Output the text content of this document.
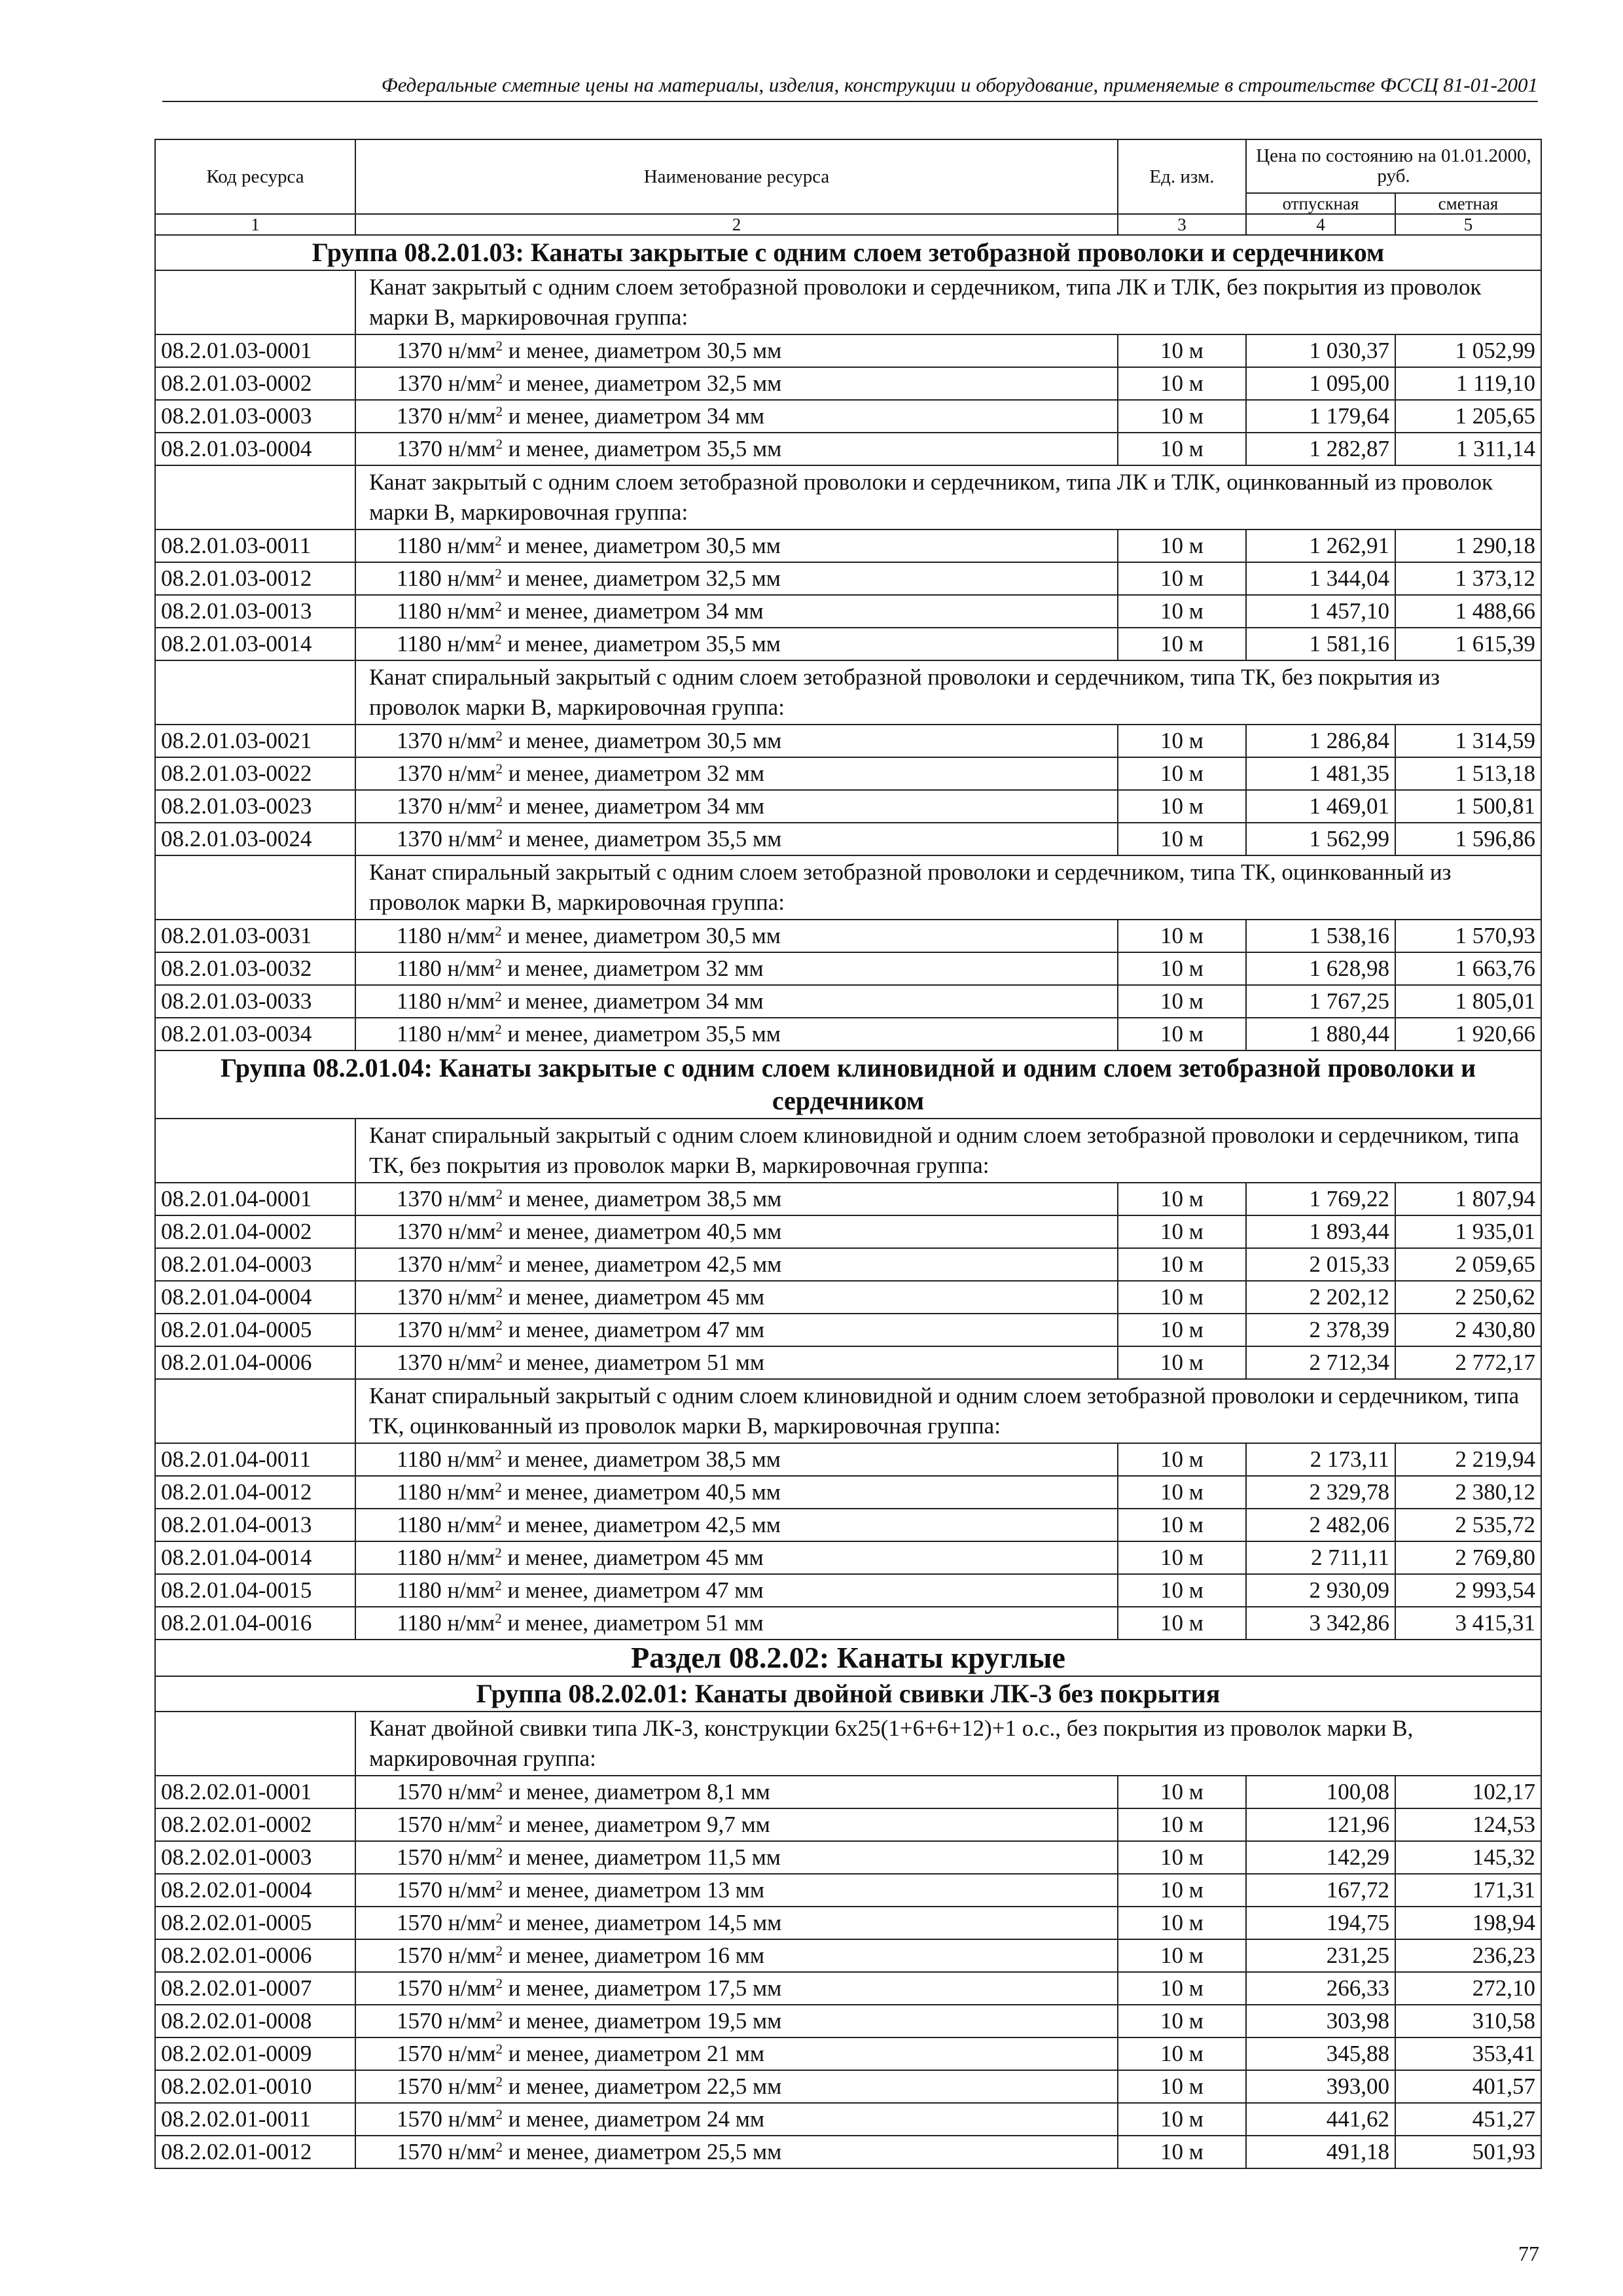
Федеральные сметные цены на материалы, изделия, конструкции и оборудование, применяемые в строительстве ФССЦ 81-01-2001
Код ресурса	Наименование ресурса	Ед. изм.	Цена по состоянию на 01.01.2000, руб.	
			отпускная	сметная
1	2	3	4	5
Группа 08.2.01.03: Канаты закрытые с одним слоем зетобразной проволоки и сердечником				
	Канат закрытый с одним слоем зетобразной проволоки и сердечником, типа ЛК и ТЛК, без покрытия из проволок марки В, маркировочная группа:			
08.2.01.03-0001	1370 $н/мм^2$ и менее, диаметром 30,5 мм	10 м	1 030,37	1 052,99
08.2.01.03-0002	1370 $н/мм^2$ и менее, диаметром 32,5 мм	10 м	1 095,00	1 119,10
08.2.01.03-0003	1370 $н/мм^2$ и менее, диаметром 34 мм	10 м	1 179,64	1 205,65
08.2.01.03-0004	1370 $н/мм^2$ и менее, диаметром 35,5 мм	10 м	1 282,87	1 311,14
	Канат закрытый с одним слоем зетобразной проволоки и сердечником, типа ЛК и ТЛК, оцинкованный из проволок марки В, маркировочная группа:			
08.2.01.03-0011	1180 $н/мм^2$ и менее, диаметром 30,5 мм	10 м	1 262,91	1 290,18
08.2.01.03-0012	1180 $н/мм^2$ и менее, диаметром 32,5 мм	10 м	1 344,04	1 373,12
08.2.01.03-0013	1180 $н/мм^2$ и менее, диаметром 34 мм	10 м	1 457,10	1 488,66
08.2.01.03-0014	1180 $н/мм^2$ и менее, диаметром 35,5 мм	10 м	1 581,16	1 615,39
	Канат спиральный закрытый с одним слоем зетобразной проволоки и сердечником, типа ТК, без покрытия из проволок марки В, маркировочная группа:			
08.2.01.03-0021	1370 $н/мм^2$ и менее, диаметром 30,5 мм	10 м	1 286,84	1 314,59
08.2.01.03-0022	1370 $н/мм^2$ и менее, диаметром 32 мм	10 м	1 481,35	1 513,18
08.2.01.03-0023	1370 $н/мм^2$ и менее, диаметром 34 мм	10 м	1 469,01	1 500,81
08.2.01.03-0024	1370 $н/мм^2$ и менее, диаметром 35,5 мм	10 м	1 562,99	1 596,86
	Канат спиральный закрытый с одним слоем зетобразной проволоки и сердечником, типа ТК, оцинкованный из проволок марки В, маркировочная группа:			
08.2.01.03-0031	1180 $н/мм^2$ и менее, диаметром 30,5 мм	10 м	1 538,16	1 570,93
08.2.01.03-0032	1180 $н/мм^2$ и менее, диаметром 32 мм	10 м	1 628,98	1 663,76
08.2.01.03-0033	1180 $н/мм^2$ и менее, диаметром 34 мм	10 м	1 767,25	1 805,01
08.2.01.03-0034	1180 $н/мм^2$ и менее, диаметром 35,5 мм	10 м	1 880,44	1 920,66
Группа 08.2.01.04: Канаты закрытые с одним слоем клиновидной и одним слоем зетобразной проволоки и сердечником				
	Канат спиральный закрытый с одним слоем клиновидной и одним слоем зетобразной проволоки и сердечником, типа ТК, без покрытия из проволок марки В, маркировочная группа:			
08.2.01.04-0001	1370 $н/мм^2$ и менее, диаметром 38,5 мм	10 м	1 769,22	1 807,94
08.2.01.04-0002	1370 $н/мм^2$ и менее, диаметром 40,5 мм	10 м	1 893,44	1 935,01
08.2.01.04-0003	1370 $н/мм^2$ и менее, диаметром 42,5 мм	10 м	2 015,33	2 059,65
08.2.01.04-0004	1370 $н/мм^2$ и менее, диаметром 45 мм	10 м	2 202,12	2 250,62
08.2.01.04-0005	1370 $н/мм^2$ и менее, диаметром 47 мм	10 м	2 378,39	2 430,80
08.2.01.04-0006	1370 $н/мм^2$ и менее, диаметром 51 мм	10 м	2 712,34	2 772,17
	Канат спиральный закрытый с одним слоем клиновидной и одним слоем зетобразной проволоки и сердечником, типа ТК, оцинкованный из проволок марки В, маркировочная группа:			
08.2.01.04-0011	1180 $н/мм^2$ и менее, диаметром 38,5 мм	10 м	2 173,11	2 219,94
08.2.01.04-0012	1180 $н/мм^2$ и менее, диаметром 40,5 мм	10 м	2 329,78	2 380,12
08.2.01.04-0013	1180 $н/мм^2$ и менее, диаметром 42,5 мм	10 м	2 482,06	2 535,72
08.2.01.04-0014	1180 $н/мм^2$ и менее, диаметром 45 мм	10 м	2 711,11	2 769,80
08.2.01.04-0015	1180 $н/мм^2$ и менее, диаметром 47 мм	10 м	2 930,09	2 993,54
08.2.01.04-0016	1180 $н/мм^2$ и менее, диаметром 51 мм	10 м	3 342,86	3 415,31
Раздел 08.2.02: Канаты круглые				
Группа 08.2.02.01: Канаты двойной свивки ЛК-З без покрытия				
	Канат двойной свивки типа ЛК-З, конструкции 6х25(1+6+6+12)+1 о.с., без покрытия из проволок марки В, маркировочная группа:			
08.2.02.01-0001	1570 $н/мм^2$ и менее, диаметром 8,1 мм	10 м	100,08	102,17
08.2.02.01-0002	1570 $н/мм^2$ и менее, диаметром 9,7 мм	10 м	121,96	124,53
08.2.02.01-0003	1570 $н/мм^2$ и менее, диаметром 11,5 мм	10 м	142,29	145,32
08.2.02.01-0004	1570 $н/мм^2$ и менее, диаметром 13 мм	10 м	167,72	171,31
08.2.02.01-0005	1570 $н/мм^2$ и менее, диаметром 14,5 мм	10 м	194,75	198,94
08.2.02.01-0006	1570 $н/мм^2$ и менее, диаметром 16 мм	10 м	231,25	236,23
08.2.02.01-0007	1570 $н/мм^2$ и менее, диаметром 17,5 мм	10 м	266,33	272,10
08.2.02.01-0008	1570 $н/мм^2$ и менее, диаметром 19,5 мм	10 м	303,98	310,58
08.2.02.01-0009	1570 $н/мм^2$ и менее, диаметром 21 мм	10 м	345,88	353,41
08.2.02.01-0010	1570 $н/мм^2$ и менее, диаметром 22,5 мм	10 м	393,00	401,57
08.2.02.01-0011	1570 $н/мм^2$ и менее, диаметром 24 мм	10 м	441,62	451,27
08.2.02.01-0012	1570 $н/мм^2$ и менее, диаметром 25,5 мм	10 м	491,18	501,93
77
